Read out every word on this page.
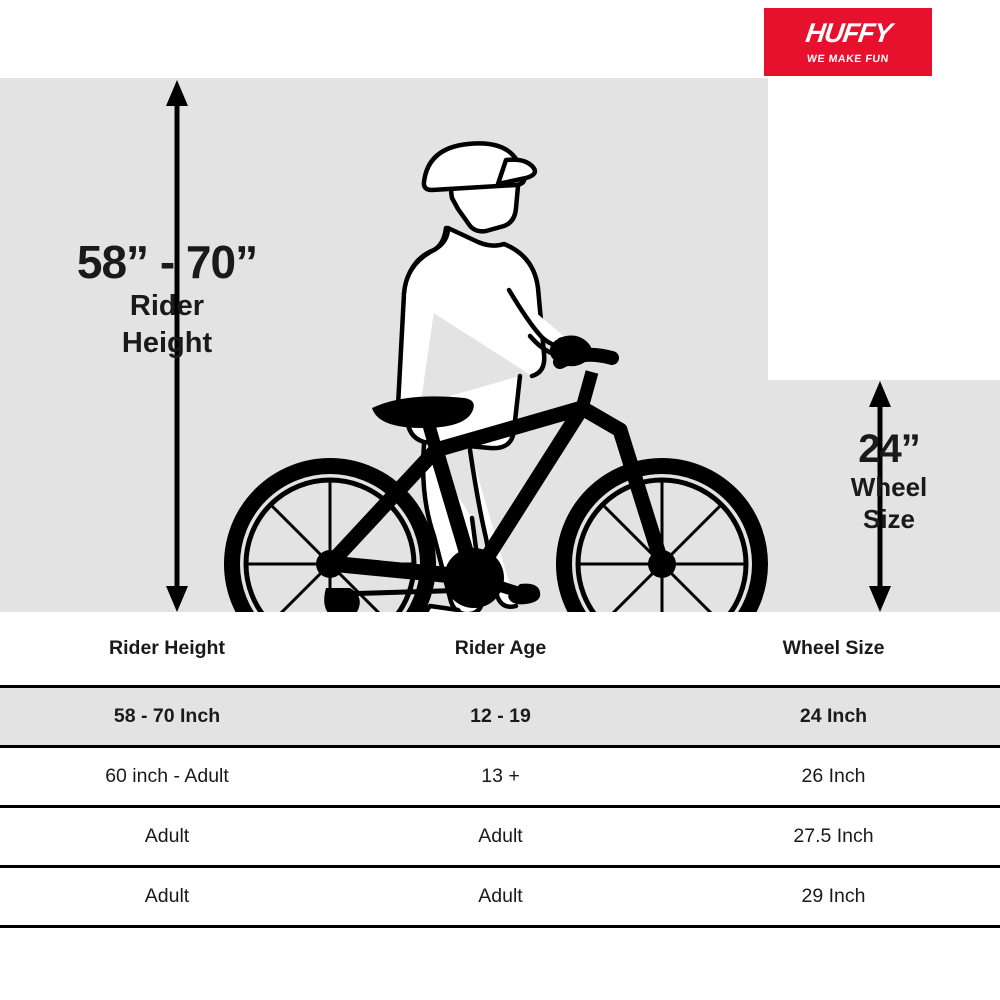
HUFFY
WE MAKE FUN
58” - 70”
Rider
Height
24”
Wheel
Size
Rider Height	Rider Age	Wheel Size
58 - 70 Inch	12 - 19	24 Inch
60 inch - Adult	13 +	26 Inch
Adult	Adult	27.5 Inch
Adult	Adult	29 Inch
